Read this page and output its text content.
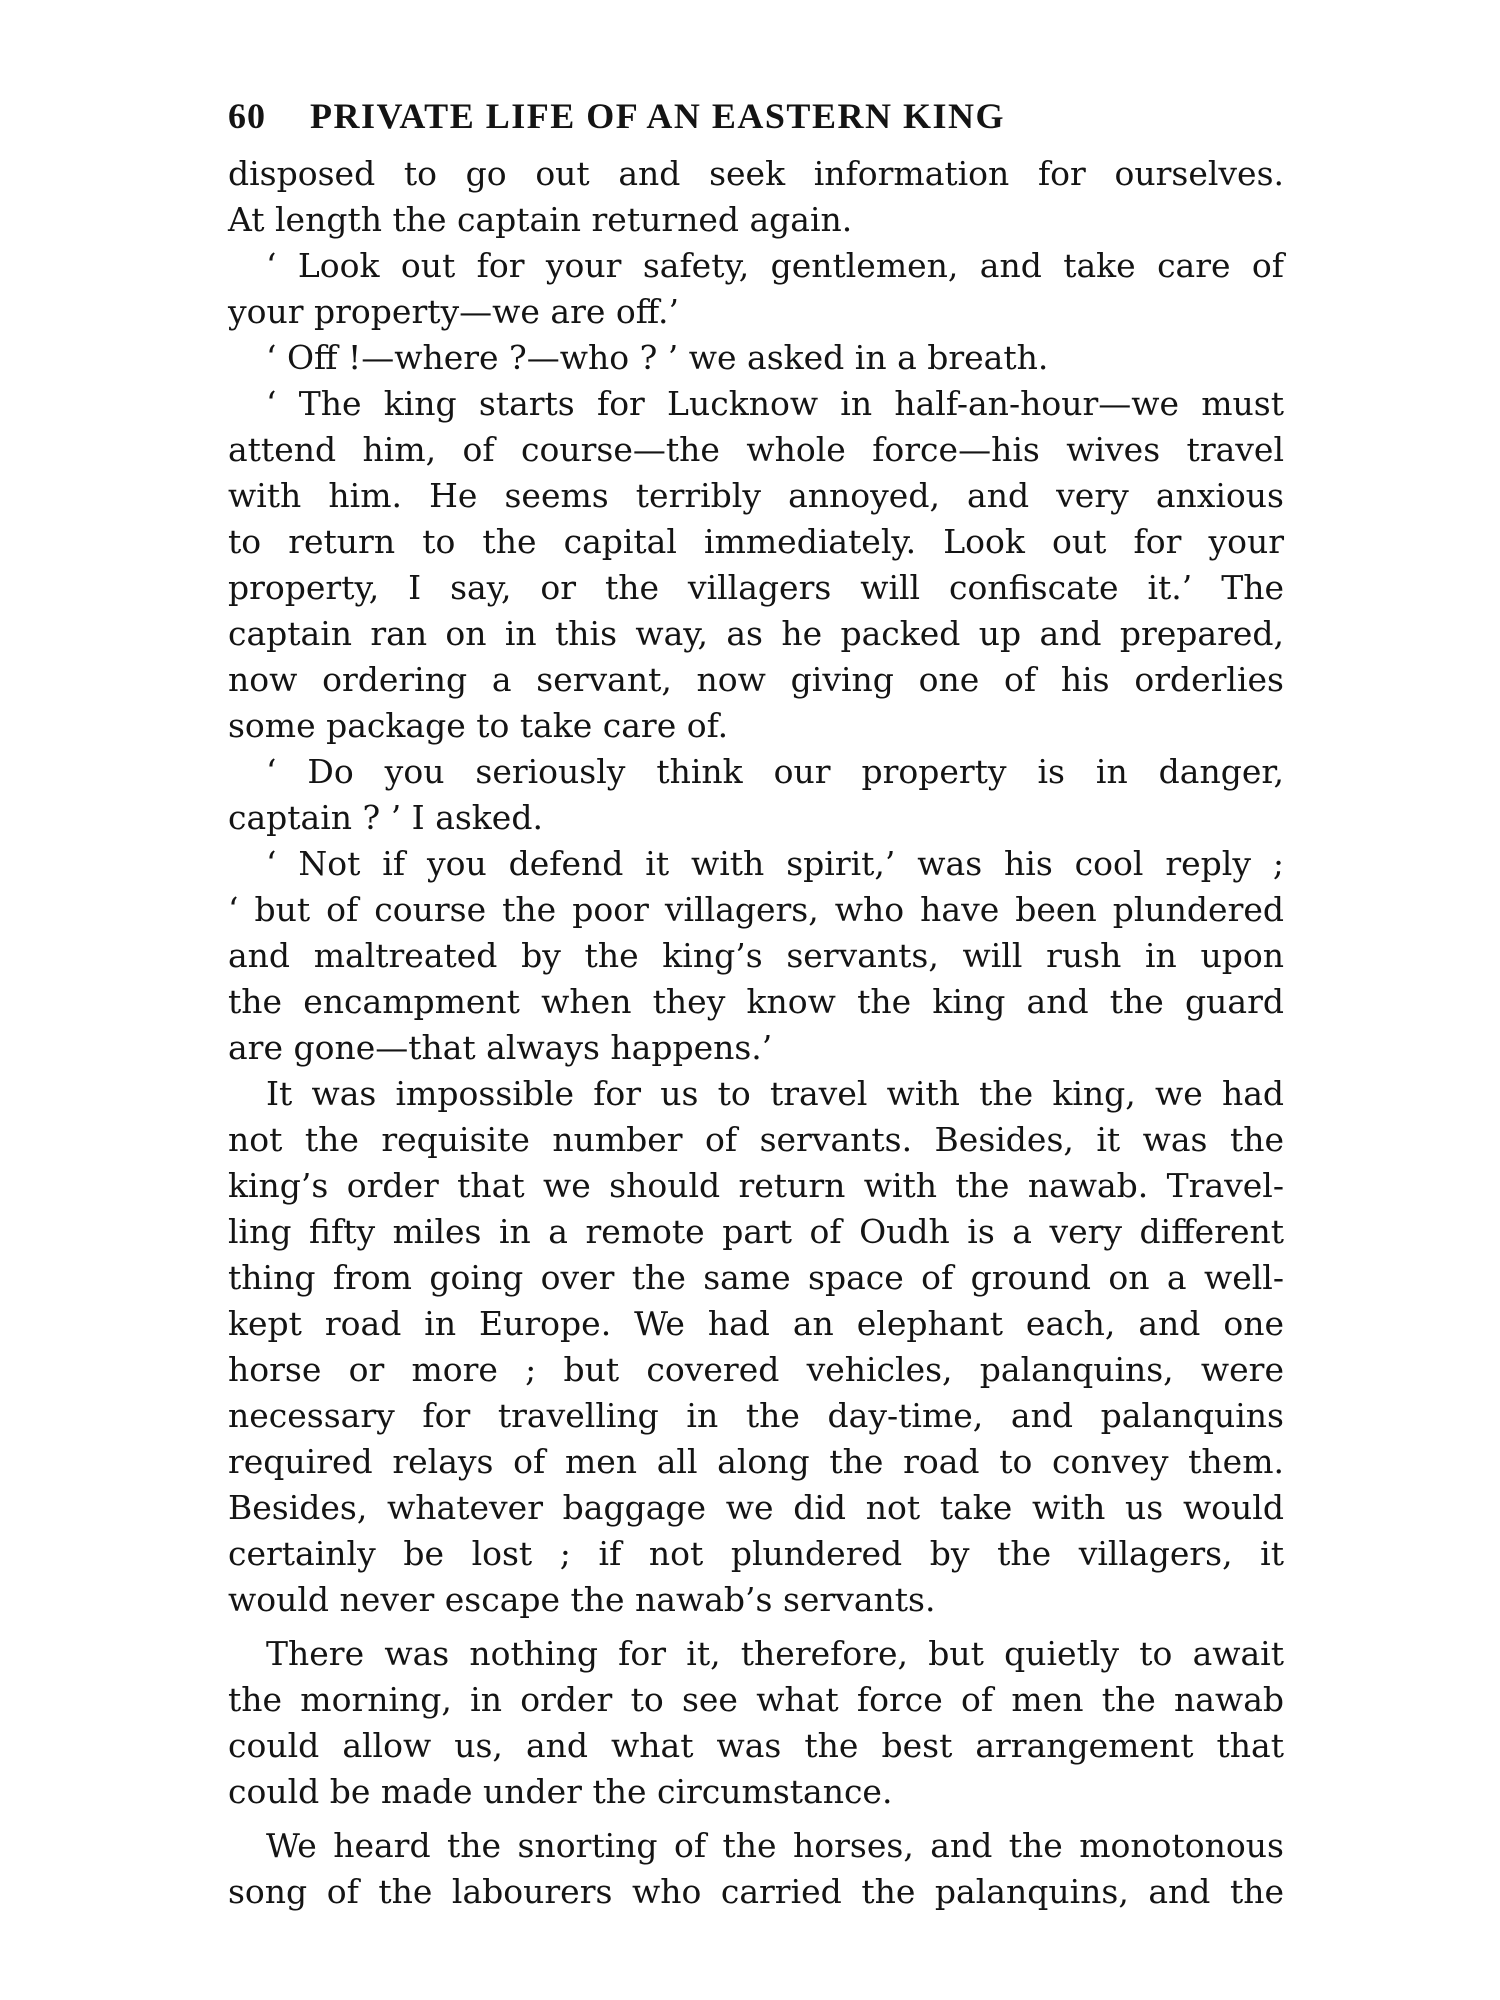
60	PRIVATE LIFE OF AN EASTERN KING
disposed to go out and seek information for ourselves.
At length the captain returned again.
‘ Look out for your safety, gentlemen, and take care of
your property—we are off.’
‘ Off !—where ?—who ? ’ we asked in a breath.
‘ The king starts for Lucknow in half-an-hour—we must
attend him, of course—the whole force—his wives travel
with him. He seems terribly annoyed, and very anxious
to return to the capital immediately. Look out for your
property, I say, or the villagers will confiscate it.’ The
captain ran on in this way, as he packed up and prepared,
now ordering a servant, now giving one of his orderlies
some package to take care of.
‘ Do you seriously think our property is in danger,
captain ? ’ I asked.
‘ Not if you defend it with spirit,’ was his cool reply ;
‘ but of course the poor villagers, who have been plundered
and maltreated by the king’s servants, will rush in upon
the encampment when they know the king and the guard
are gone—that always happens.’
It was impossible for us to travel with the king, we had
not the requisite number of servants. Besides, it was the
king’s order that we should return with the nawab. Travel-
ling fifty miles in a remote part of Oudh is a very different
thing from going over the same space of ground on a well-
kept road in Europe. We had an elephant each, and one
horse or more ; but covered vehicles, palanquins, were
necessary for travelling in the day-time, and palanquins
required relays of men all along the road to convey them.
Besides, whatever baggage we did not take with us would
certainly be lost ; if not plundered by the villagers, it
would never escape the nawab’s servants.
There was nothing for it, therefore, but quietly to await
the morning, in order to see what force of men the nawab
could allow us, and what was the best arrangement that
could be made under the circumstance.
We heard the snorting of the horses, and the monotonous
song of the labourers who carried the palanquins, and the
